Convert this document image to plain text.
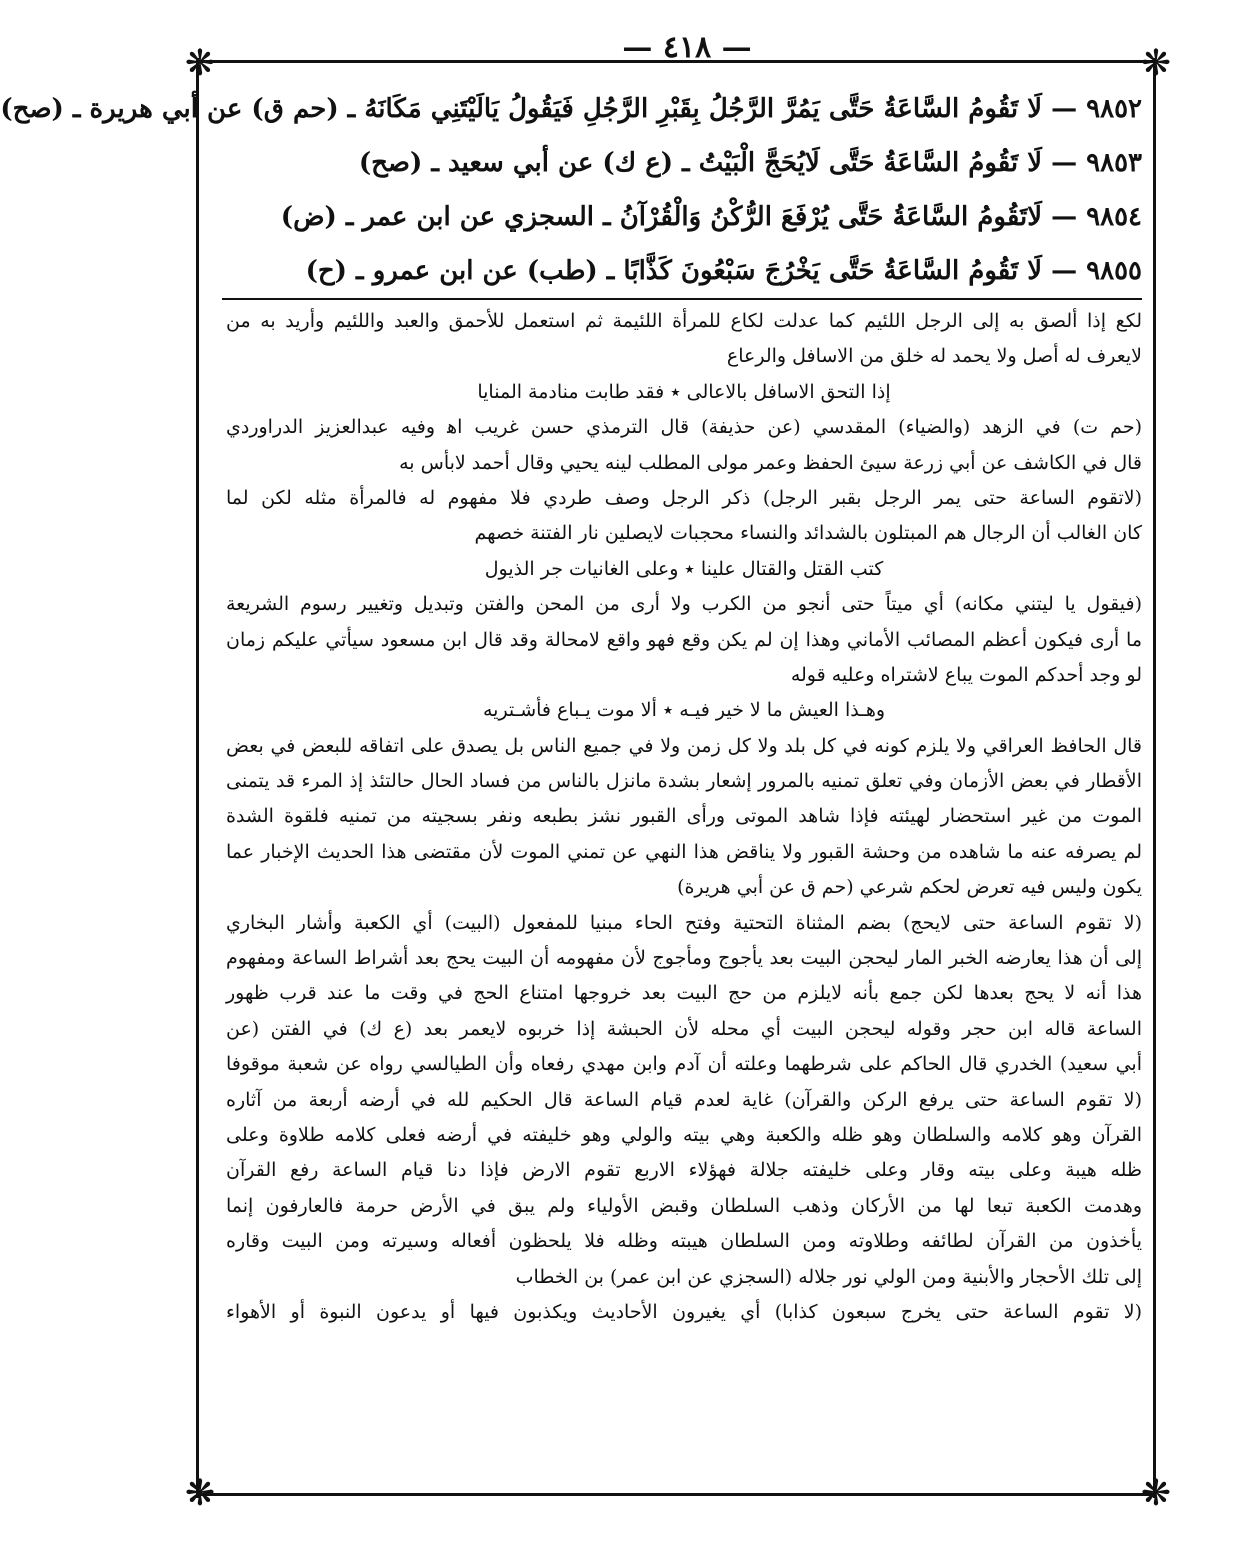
— ٤١٨ —
❋	❋
❋	❋
٩٨٥٢ — لَا تَقُومُ السَّاعَةُ حَتَّى يَمُرَّ الرَّجُلُ بِقَبْرِ الرَّجُلِ فَيَقُولُ يَالَيْتَنِي مَكَانَهُ ـ (حم ق) عن أبي هريرة ـ (صح)
٩٨٥٣ — لَا تَقُومُ السَّاعَةُ حَتَّى لَايُحَجَّ الْبَيْتُ ـ (ع ك) عن أبي سعيد ـ (صح)
٩٨٥٤ — لَاتَقُومُ السَّاعَةُ حَتَّى يُرْفَعَ الرُّكْنُ وَالْقُرْآنُ ـ السجزي عن ابن عمر ـ (ض)
٩٨٥٥ — لَا تَقُومُ السَّاعَةُ حَتَّى يَخْرُجَ سَبْعُونَ كَذَّابًا ـ (طب) عن ابن عمرو ـ (ح)
لكع إذا ألصق به إلى الرجل اللئيم كما عدلت لكاع للمرأة اللئيمة ثم استعمل للأحمق والعبد واللئيم وأريد به من
لايعرف له أصل ولا يحمد له خلق من الاسافل والرعاع
إذا التحق الاسافل بالاعالى ٭ فقد طابت منادمة المنايا
(حم ت) في الزهد (والضياء) المقدسي (عن حذيفة) قال الترمذي حسن غريب اﻫ وفيه عبدالعزيز الدراوردي
قال في الكاشف عن أبي زرعة سيئ الحفظ وعمر مولى المطلب لينه يحيي وقال أحمد لابأس به
(لاتقوم الساعة حتى يمر الرجل بقبر الرجل) ذكر الرجل وصف طردي فلا مفهوم له فالمرأة مثله لكن لما
كان الغالب أن الرجال هم المبتلون بالشدائد والنساء محجبات لايصلين نار الفتنة خصهم
كتب القتل والقتال علينا ٭ وعلى الغانيات جر الذيول
(فيقول يا ليتني مكانه) أي ميتاً حتى أنجو من الكرب ولا أرى من المحن والفتن وتبديل وتغيير رسوم الشريعة
ما أرى فيكون أعظم المصائب الأماني وهذا إن لم يكن وقع فهو واقع لامحالة وقد قال ابن مسعود سيأتي عليكم زمان
لو وجد أحدكم الموت يباع لاشتراه وعليه قوله
وهـذا العيش ما لا خير فيـه ٭ ألا موت يـباع فأشـتريه
قال الحافظ العراقي ولا يلزم كونه في كل بلد ولا كل زمن ولا في جميع الناس بل يصدق على اتفاقه للبعض في بعض
الأقطار في بعض الأزمان وفي تعلق تمنيه بالمرور إشعار بشدة مانزل بالناس من فساد الحال حالتئذ إذ المرء قد يتمنى
الموت من غير استحضار لهيئته فإذا شاهد الموتى ورأى القبور نشز بطبعه ونفر بسجيته من تمنيه فلقوة الشدة
لم يصرفه عنه ما شاهده من وحشة القبور ولا يناقض هذا النهي عن تمني الموت لأن مقتضى هذا الحديث الإخبار عما
يكون وليس فيه تعرض لحكم شرعي (حم ق عن أبي هريرة)
(لا تقوم الساعة حتى لايحج) بضم المثناة التحتية وفتح الحاء مبنيا للمفعول (البيت) أي الكعبة وأشار البخاري
إلى أن هذا يعارضه الخبر المار ليحجن البيت بعد يأجوج ومأجوج لأن مفهومه أن البيت يحج بعد أشراط الساعة ومفهوم
هذا أنه لا يحج بعدها لكن جمع بأنه لايلزم من حج البيت بعد خروجها امتناع الحج في وقت ما عند قرب ظهور
الساعة قاله ابن حجر وقوله ليحجن البيت أي محله لأن الحبشة إذا خربوه لايعمر بعد (ع ك) في الفتن (عن
أبي سعيد) الخدري قال الحاكم على شرطهما وعلته أن آدم وابن مهدي رفعاه وأن الطيالسي رواه عن شعبة موقوفا
(لا تقوم الساعة حتى يرفع الركن والقرآن) غاية لعدم قيام الساعة قال الحكيم لله في أرضه أربعة من آثاره
القرآن وهو كلامه والسلطان وهو ظله والكعبة وهي بيته والولي وهو خليفته في أرضه فعلى كلامه طلاوة وعلى
ظله هيبة وعلى بيته وقار وعلى خليفته جلالة فهؤلاء الاربع تقوم الارض فإذا دنا قيام الساعة رفع القرآن
وهدمت الكعبة تبعا لها من الأركان وذهب السلطان وقبض الأولياء ولم يبق في الأرض حرمة فالعارفون إنما
يأخذون من القرآن لطائفه وطلاوته ومن السلطان هيبته وظله فلا يلحظون أفعاله وسيرته ومن البيت وقاره
إلى تلك الأحجار والأبنية ومن الولي نور جلاله (السجزي عن ابن عمر) بن الخطاب
(لا تقوم الساعة حتى يخرج سبعون كذابا) أي يغيرون الأحاديث ويكذبون فيها أو يدعون النبوة أو الأهواء
